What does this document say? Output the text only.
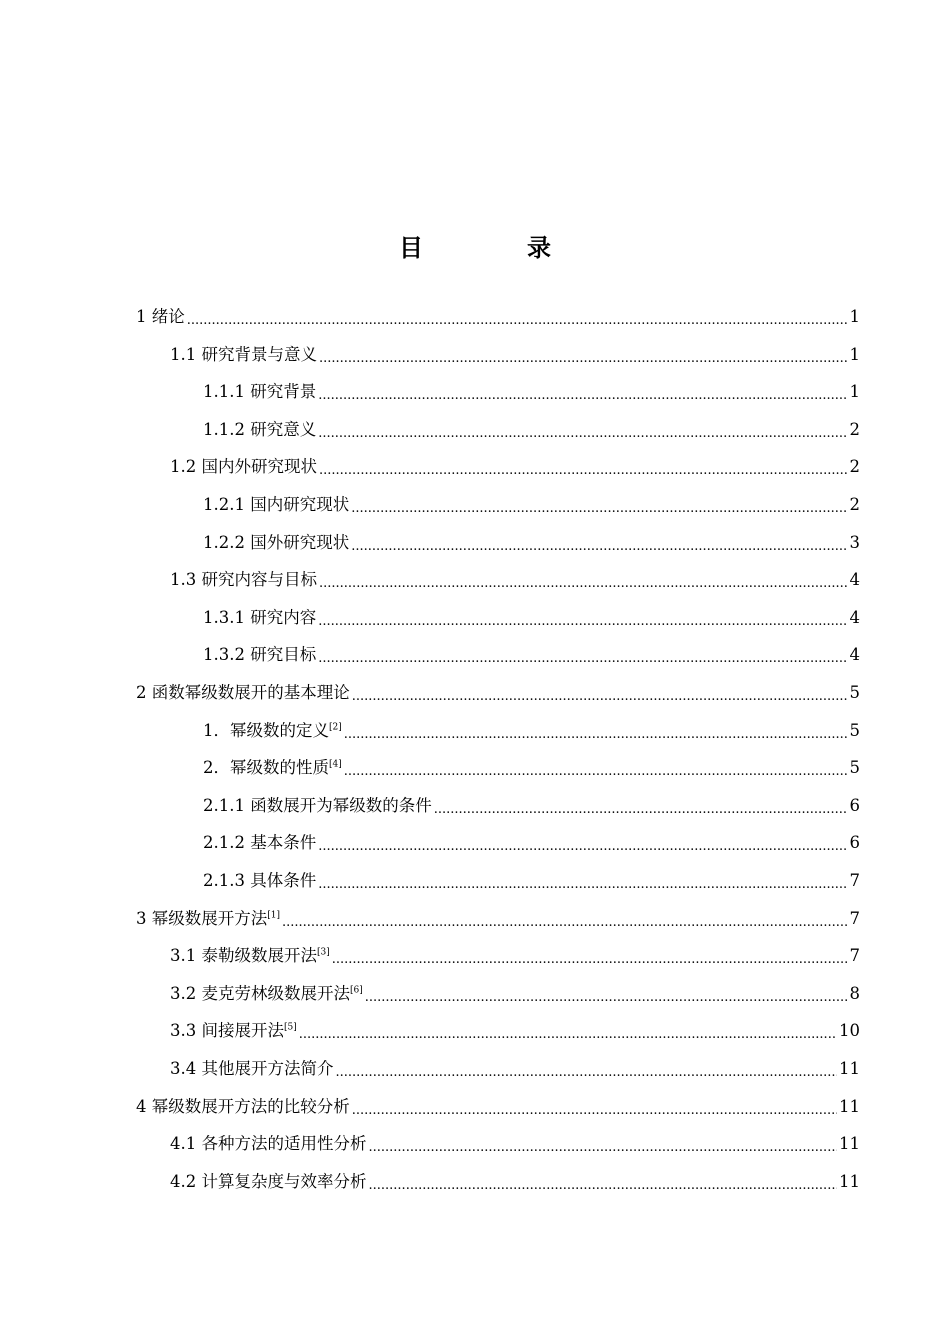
目　录
1 绪论 .....	1
1.1 研究背景与意义 .....	1
1.1.1 研究背景 .....	1
1.1.2 研究意义 .....	2
1.2 国内外研究现状 .....	2
1.2.1 国内研究现状 .....	2
1.2.2 国外研究现状 .....	3
1.3 研究内容与目标 .....	4
1.3.1 研究内容 .....	4
1.3.2 研究目标 .....	4
2 函数幂级数展开的基本理论 .....	5
1．幂级数的定义[2] .....	5
2．幂级数的性质[4] .....	5
2.1.1 函数展开为幂级数的条件 .....	6
2.1.2 基本条件 .....	6
2.1.3 具体条件 .....	7
3 幂级数展开方法[1] .....	7
3.1 泰勒级数展开法[3] .....	7
3.2 麦克劳林级数展开法[6] .....	8
3.3 间接展开法[5] .....	10
3.4 其他展开方法简介 .....	11
4 幂级数展开方法的比较分析 .....	11
4.1 各种方法的适用性分析 .....	11
4.2 计算复杂度与效率分析 .....	11
